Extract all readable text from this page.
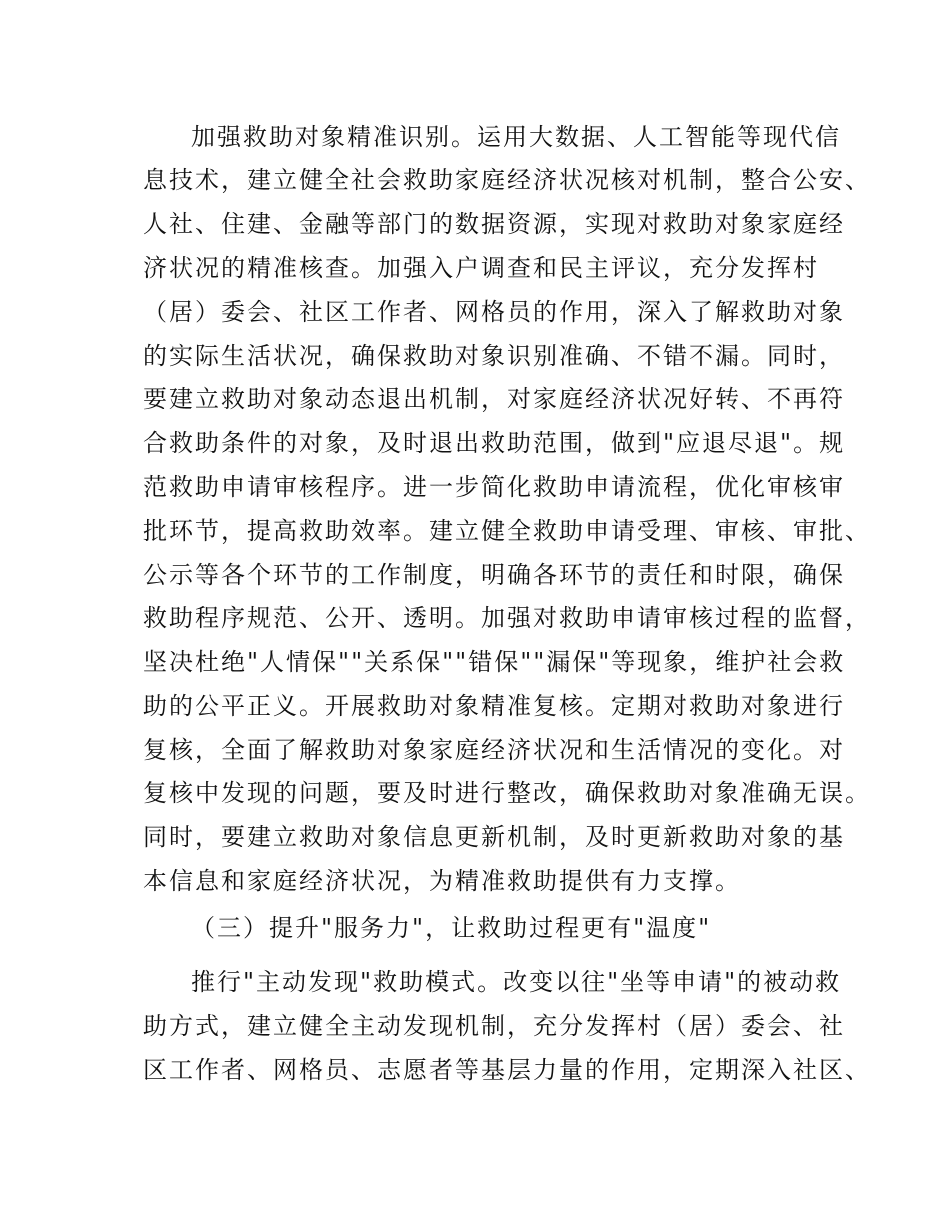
加强救助对象精准识别。运用大数据、人工智能等现代信
息技术，建立健全社会救助家庭经济状况核对机制，整合公安、
人社、住建、金融等部门的数据资源，实现对救助对象家庭经
济状况的精准核查。加强入户调查和民主评议，充分发挥村
（居）委会、社区工作者、网格员的作用，深入了解救助对象
的实际生活状况，确保救助对象识别准确、不错不漏。同时，
要建立救助对象动态退出机制，对家庭经济状况好转、不再符
合救助条件的对象，及时退出救助范围，做到"应退尽退"。规
范救助申请审核程序。进一步简化救助申请流程，优化审核审
批环节，提高救助效率。建立健全救助申请受理、审核、审批、
公示等各个环节的工作制度，明确各环节的责任和时限，确保
救助程序规范、公开、透明。加强对救助申请审核过程的监督，
坚决杜绝"人情保""关系保""错保""漏保"等现象，维护社会救
助的公平正义。开展救助对象精准复核。定期对救助对象进行
复核，全面了解救助对象家庭经济状况和生活情况的变化。对
复核中发现的问题，要及时进行整改，确保救助对象准确无误。
同时，要建立救助对象信息更新机制，及时更新救助对象的基
本信息和家庭经济状况，为精准救助提供有力支撑。
（三）提升"服务力"，让救助过程更有"温度"
推行"主动发现"救助模式。改变以往"坐等申请"的被动救
助方式，建立健全主动发现机制，充分发挥村（居）委会、社
区工作者、网格员、志愿者等基层力量的作用，定期深入社区、
